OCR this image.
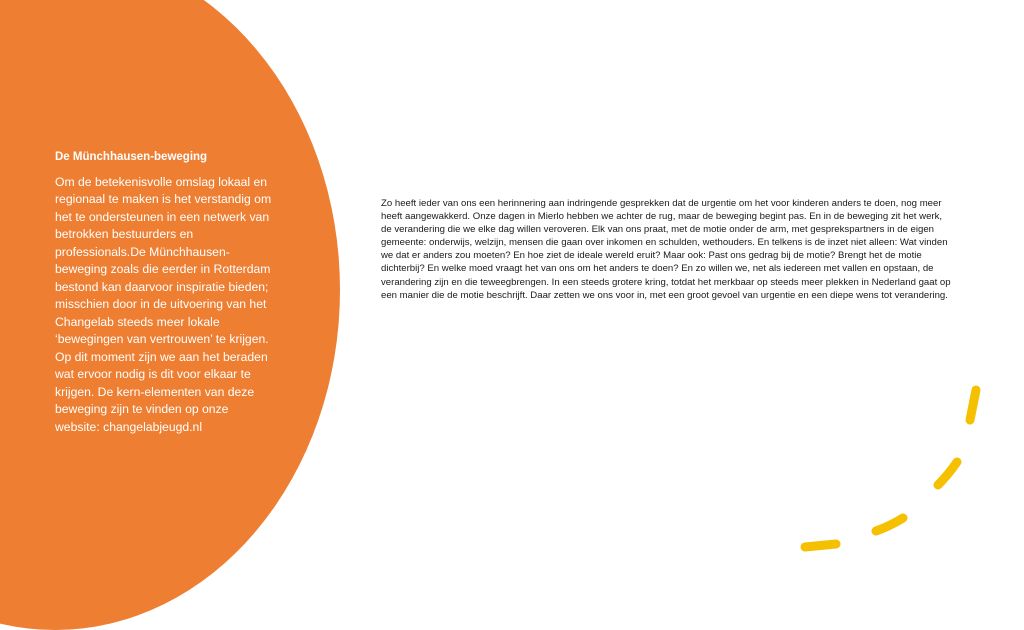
De Münchhausen-beweging

Om de betekenisvolle omslag lokaal en regionaal te maken is het verstandig om het te ondersteunen in een netwerk van betrokken bestuurders en professionals.De Münchhausen-beweging zoals die eerder in Rotterdam bestond kan daarvoor inspiratie bieden; misschien door in de uitvoering van het Changelab steeds meer lokale ‘bewegingen van vertrouwen’ te krijgen. Op dit moment zijn we aan het beraden wat ervoor nodig is dit voor elkaar te krijgen. De kern-elementen van deze beweging zijn te vinden op onze website: changelabjeugd.nl

Zo heeft ieder van ons een herinnering aan indringende gesprekken dat de urgentie om het voor kinderen anders te doen, nog meer heeft aangewakkerd. Onze dagen in Mierlo hebben we achter de rug, maar de beweging begint pas. En in de beweging zit het werk, de verandering die we elke dag willen veroveren. Elk van ons praat, met de motie onder de arm, met gesprekspartners in de eigen gemeente: onderwijs, welzijn, mensen die gaan over inkomen en schulden, wethouders. En telkens is de inzet niet alleen: Wat vinden we dat er anders zou moeten? En hoe ziet de ideale wereld eruit? Maar ook: Past ons gedrag bij de motie? Brengt het de motie dichterbij? En welke moed vraagt het van ons om het anders te doen? En zo willen we, net als iedereen met vallen en opstaan, de verandering zijn en die teweegbrengen. In een steeds grotere kring, totdat het merkbaar op steeds meer plekken in Nederland gaat op een manier die de motie beschrijft. Daar zetten we ons voor in, met een groot gevoel van urgentie en een diepe wens tot verandering.
